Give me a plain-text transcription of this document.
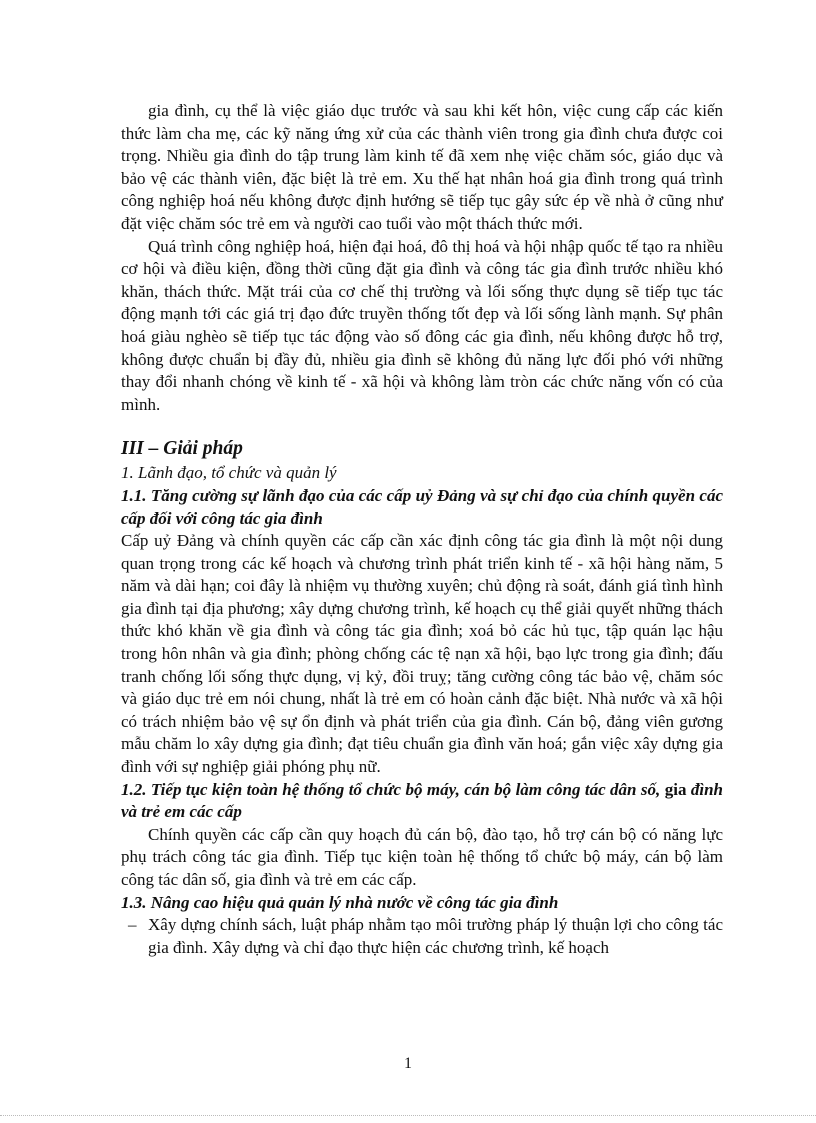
gia đình, cụ thể là việc giáo dục trước và sau khi kết hôn, việc cung cấp các kiến thức làm cha mẹ, các kỹ năng ứng xử của các thành viên trong gia đình chưa được coi trọng. Nhiều gia đình do tập trung làm kinh tế đã xem nhẹ việc chăm sóc, giáo dục và bảo vệ các thành viên, đặc biệt là trẻ em. Xu thế hạt nhân hoá gia đình trong quá trình công nghiệp hoá nếu không được định hướng sẽ tiếp tục gây sức ép về nhà ở cũng như đặt việc chăm sóc trẻ em và người cao tuổi vào một thách thức mới.

Quá trình công nghiệp hoá, hiện đại hoá, đô thị hoá và hội nhập quốc tế tạo ra nhiều cơ hội và điều kiện, đồng thời cũng đặt gia đình và công tác gia đình trước nhiều khó khăn, thách thức. Mặt trái của cơ chế thị trường và lối sống thực dụng sẽ tiếp tục tác động mạnh tới các giá trị đạo đức truyền thống tốt đẹp và lối sống lành mạnh. Sự phân hoá giàu nghèo sẽ tiếp tục tác động vào số đông các gia đình, nếu không được hỗ trợ, không được chuẩn bị đầy đủ, nhiều gia đình sẽ không đủ năng lực đối phó với những thay đổi nhanh chóng về kinh tế - xã hội và không làm tròn các chức năng vốn có của mình.

III – Giải pháp

1. Lãnh đạo, tổ chức và quản lý

1.1. Tăng cường sự lãnh đạo của các cấp uỷ Đảng và sự chỉ đạo của chính quyền các cấp đối với công tác gia đình

Cấp uỷ Đảng và chính quyền các cấp cần xác định công tác gia đình là một nội dung quan trọng trong các kế hoạch và chương trình phát triển kinh tế - xã hội hàng năm, 5 năm và dài hạn; coi đây là nhiệm vụ thường xuyên; chủ động rà soát, đánh giá tình hình gia đình tại địa phương; xây dựng chương trình, kế hoạch cụ thể giải quyết những thách thức khó khăn về gia đình và công tác gia đình; xoá bỏ các hủ tục, tập quán lạc hậu trong hôn nhân và gia đình; phòng chống các tệ nạn xã hội, bạo lực trong gia đình; đấu tranh chống lối sống thực dụng, vị kỷ, đồi truỵ; tăng cường công tác bảo vệ, chăm sóc và giáo dục trẻ em nói chung, nhất là trẻ em có hoàn cảnh đặc biệt. Nhà nước và xã hội có trách nhiệm bảo vệ sự ổn định và phát triển của gia đình. Cán bộ, đảng viên gương mẫu chăm lo xây dựng gia đình; đạt tiêu chuẩn gia đình văn hoá; gắn việc xây dựng gia đình với sự nghiệp giải phóng phụ nữ.

1.2. Tiếp tục kiện toàn hệ thống tổ chức bộ máy, cán bộ làm công tác dân số, gia đình và trẻ em các cấp

Chính quyền các cấp cần quy hoạch đủ cán bộ, đào tạo, hỗ trợ cán bộ có năng lực phụ trách công tác gia đình. Tiếp tục kiện toàn hệ thống tổ chức bộ máy, cán bộ làm công tác dân số, gia đình và trẻ em các cấp.

1.3. Nâng cao hiệu quả quản lý nhà nước về công tác gia đình

– Xây dựng chính sách, luật pháp nhằm tạo môi trường pháp lý thuận lợi cho công tác gia đình. Xây dựng và chỉ đạo thực hiện các chương trình, kế hoạch
1
